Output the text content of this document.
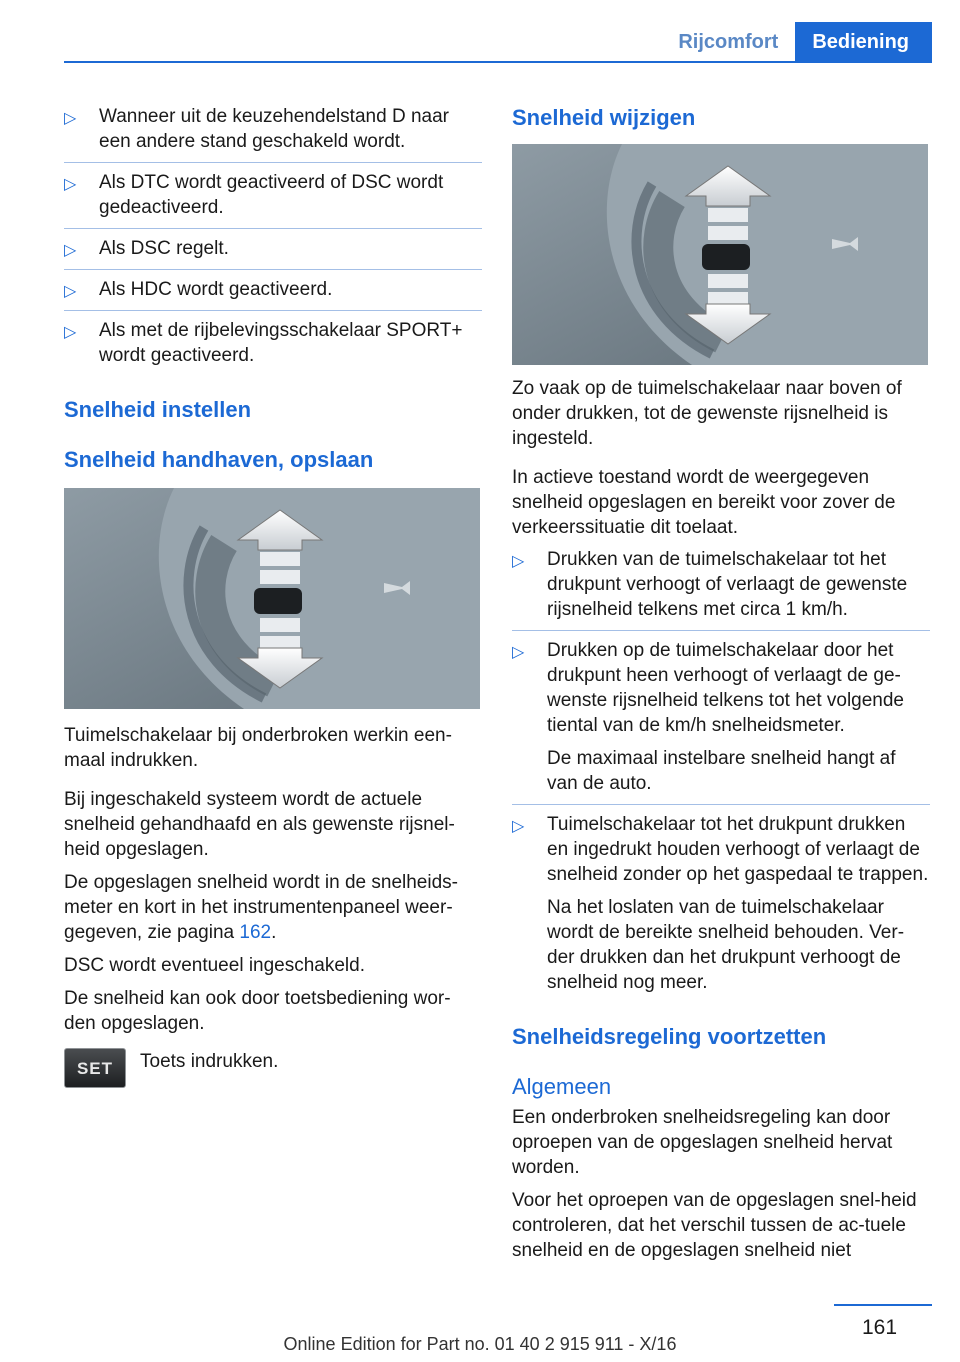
Rijcomfort	Bediening
▷ Wanneer uit de keuzehendelstand D naar een andere stand geschakeld wordt.
▷ Als DTC wordt geactiveerd of DSC wordt gedeactiveerd.
▷ Als DSC regelt.
▷ Als HDC wordt geactiveerd.
▷ Als met de rijbelevingsschakelaar SPORT+ wordt geactiveerd.
Snelheid instellen
Snelheid handhaven, opslaan

Tuimelschakelaar bij onderbroken werkin een-maal indrukken.

Bij ingeschakeld systeem wordt de actuele snelheid gehandhaafd en als gewenste rijsnel-heid opgeslagen.

De opgeslagen snelheid wordt in de snelheids-meter en kort in het instrumentenpaneel weer-gegeven, zie pagina 162.

DSC wordt eventueel ingeschakeld.

De snelheid kan ook door toetsbediening wor-den opgeslagen.

SET	Toets indrukken.
Snelheid wijzigen

Zo vaak op de tuimelschakelaar naar boven of onder drukken, tot de gewenste rijsnelheid is ingesteld.

In actieve toestand wordt de weergegeven snelheid opgeslagen en bereikt voor zover de verkeerssituatie dit toelaat.

▷ Drukken van de tuimelschakelaar tot het drukpunt verhoogt of verlaagt de gewenste rijsnelheid telkens met circa 1 km/h.
▷ Drukken op de tuimelschakelaar door het drukpunt heen verhoogt of verlaagt de ge-wenste rijsnelheid telkens tot het volgende tiental van de km/h snelheidsmeter.

De maximaal instelbare snelheid hangt af van de auto.

▷ Tuimelschakelaar tot het drukpunt drukken en ingedrukt houden verhoogt of verlaagt de snelheid zonder op het gaspedaal te trappen.

Na het loslaten van de tuimelschakelaar wordt de bereikte snelheid behouden. Ver-der drukken dan het drukpunt verhoogt de snelheid nog meer.

Snelheidsregeling voortzetten
Algemeen

Een onderbroken snelheidsregeling kan door oproepen van de opgeslagen snelheid hervat worden.

Voor het oproepen van de opgeslagen snel-heid controleren, dat het verschil tussen de ac-tuele snelheid en de opgeslagen snelheid niet

161
Online Edition for Part no. 01 40 2 915 911 - X/16
